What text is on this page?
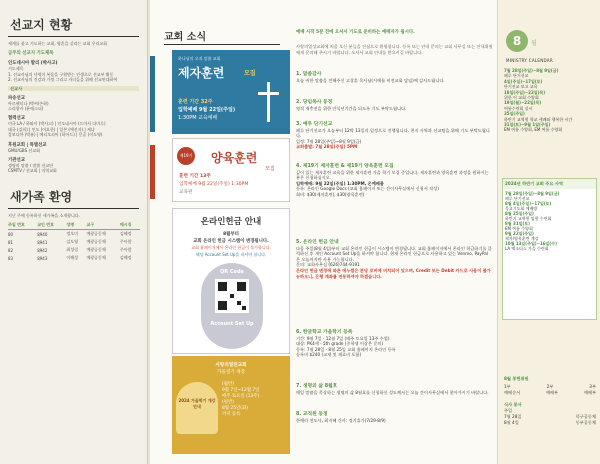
선교지 현황
세계를 품고 기도하는 교회, 영혼을 살리는 교회 우리교회
금주의 선교지 기도제목
인도네시아 발리 (박사고)
기도제목
1. 선교사님의 사역이 복음을 구원받는 인생으로 선교부 활동
2. 선교사님의 건강과 가정 그리고 자녀들을 위해 선교연대하여
선교사
파송선교
아르헨티나 (박씨/손하)
스리랑카 (윤에스더)
협력선교
미국 LA / 하와이 (박사고) | 인도네시아 (드마사 다마루)
태국 (김희) | 인도 (이요한) | 일본 (예선자) | 케냐
캄보디아 (박유) | 에티오피아 (하마드) | 몽골 (이도영)
후원교회 | 특별선교
GMU/GBS 선교회
기관선교
생명의 말씀 / 말씀 선교단
CSMTV / 선교회 | 지역교회
새가족 환영
지난 주에 등록하신 새가족을 소개합니다.
주일 번호	교인 번호	성명	교구	메시징
80	8940	정오미	예광공동체	김혜정
81	8941	김도영	예광공동체	주아람
82	8942	최성림	예광공동체	주아람
83	8943	이해성	예광공동체	김혜정
교회 소식
하나님의 오직 말씀 교회
제자훈련	모집
훈련 기간 32주
입학예배 9월 22일(주일)
1:30PM 교육예배
제19기 양육훈련
모집
훈련 기간 13주
입학예배 9월 22일(주일) 1:30PM
교육관
온라인헌금 안내
8월부터
교회 온라인 헌금 시스템이 변경됩니다.
교회 홈페이지에서 온라인 헌금이 불가합니다.
해당 Account Set Up을 하셔야 합니다.
QR Code
Account Set Up
사랑의열린교회
가을절기 개강
2024 가을학기 개강 안내
(월반)
9월 7일~12월 7일
매주 토요일 (13주)
(평반)
8월 25일(화)
까지 등록
예배 시작 5분 전에 오셔서 기도로 준비하는 예배자가 됩시다.
사랑의열성교회에 처음 오신 분들을 진심으로 환영합니다. 등록 또는 안내 문의는 교회 사무실 또는 안내위원에게 문의해 주시기 바랍니다. 오셔서 교회 안내를 받으시길 바랍니다.
1. 말씀감사
오늘 귀한 말씀을 전해주신 고창훈 목사님(시애틀 비전교회 담임)께 감사드립니다.
2. 당임목사 동정
영적 재충전을 위한 안식년기간을 되도록 기도 부탁드립니다.
3. 예루 단기선교
페루 단기선교가 오늘부터 12박 13일의 일정으로 진행됩니다. 현지 사역과 선교팀을 위해 기도 부탁드립니다.
일정: 7월 28일(주일)~8월 9일(금)
교회출발: 7월 28일(주일) 5PM
4. 제19기 제자훈련 & 제19기 양육훈련 모집
깊이 있는 제자훈련 교육을 위한 제자훈련 가을 학기 모집 중입니다. 제자훈련과 양육훈련 과정을 원하시는 분은 신청하십시오.
입학예배: 9월 22일(주일) 1:30PM, 온예배룸
등록: 온라인 Google Docs (교회 홈페이지 또는 간이사무실에서 신청서 작성)
회비: $30(제자훈련), $30(양육훈련)
5. 온라인 헌금 안내
다음 주일(8월 4일)부터 교회 온라인 헌금이 시스템이 변경됩니다. 교회 홈페이지에서 온라인 헌금하기를 클릭하신 후 개인 Account Set Up을 하셔야 합니다. 현재 온라인 헌금으로 사용하고 있는 Venmo, PayPal 은 오늘까지만 사용 가능합니다.
문의: 교회사무실 (626)744-9191
온라인 헌금 변경에 따른 에누썸은 본당 로비에 비치되어 있으며, Credit 또는 Debit 카드로 사용이 불가능하오니, 은행 계좌를 연동하셔야 하겠습니다.
6. 한글학교 가을학기 등록
기간: 9월 7일 - 12월 7일 (매주 토요일 13주 수업)
대상: PK4세 - 5th grade (중학생 이상은 문의)
등록: 7월 28일 - 8월 25일 교회 홈페이지 온라인 등록
등록비 $240 (교재 및 재료비 포함)
7. 생명의 삶 8월호
매일 말씀을 묵상하는 생명의 삶 8월호를 신청하신 성도께서는 오늘 간이사무실에서 찾아가시기 바랍니다.
8. 교직원 동정
한예라 전도사, 최지혜 간사: 정기휴가(7/29-8/9)
8	월
MINISTRY CALENDAR
7월 28일(주일)~8월 9일(금)
페루 단기선교
4일(주일)~17일(토)
단기선교 보고 교육
18일(주일)~22일(목)
위한 이 교회 수양회
19일(월)~22일(목)
여름수련회 실시
25일(주일)
하반기 교역원 학교 세례와 행복한 시간
31일(토)~9월 1일(주일)
EM 여름 수양회, EM 여름 수양회
2024년 하반기 교회 주요 사역
7월 28일(주일)~8월 9일(금)
페루 단기선교
8월 4일(주일)~17일(토)
목요기도회 예배방
8월 25일(주일)
하반기 교역원 임원 수련회
8월 31일(토)
EM 여름 수양회
9월 22일(주일)
제자/양육훈련 개강
10월 13일(주일)~16일(수)
LA 엑소더스 가을 수련회
8월 봉헌위원
1부	2부	3부
예배순서	예배부	예배부
식사 봉사
주일
7월 28일	목구공동체
8월 4일	동부공동체
